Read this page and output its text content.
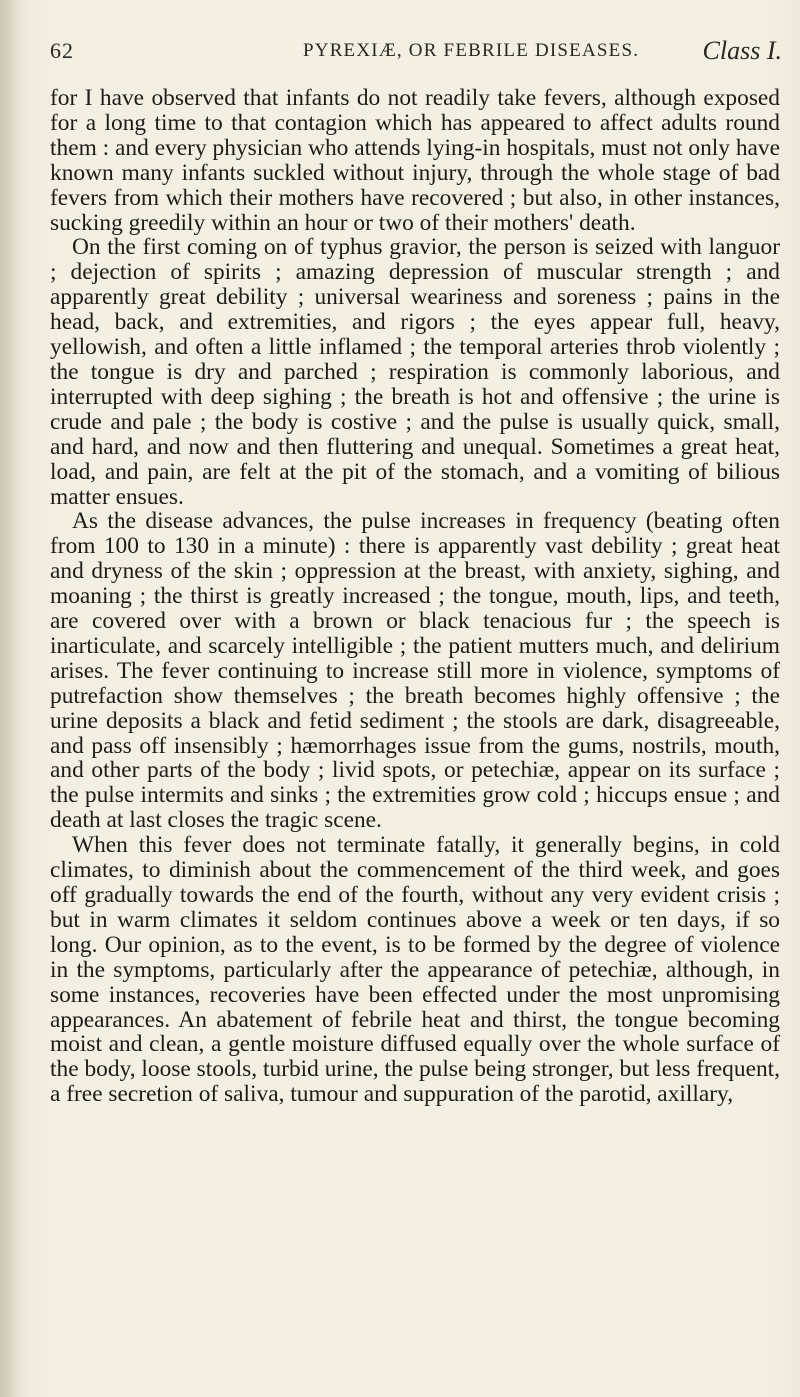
62	PYREXIÆ, OR FEBRILE DISEASES. Class I.

for I have observed that infants do not readily take fevers, although exposed for a long time to that contagion which has appeared to affect adults round them : and every physician who attends lying-in hospitals, must not only have known many infants suckled without injury, through the whole stage of bad fevers from which their mothers have recovered ; but also, in other instances, sucking greedily within an hour or two of their mothers' death.

On the first coming on of typhus gravior, the person is seized with languor ; dejection of spirits ; amazing depression of muscular strength ; and apparently great debility ; universal weariness and soreness ; pains in the head, back, and extremities, and rigors ; the eyes appear full, heavy, yellowish, and often a little inflamed ; the temporal arteries throb violently ; the tongue is dry and parched ; respiration is commonly laborious, and interrupted with deep sighing ; the breath is hot and offensive ; the urine is crude and pale ; the body is costive ; and the pulse is usually quick, small, and hard, and now and then fluttering and unequal. Sometimes a great heat, load, and pain, are felt at the pit of the stomach, and a vomiting of bilious matter ensues.

As the disease advances, the pulse increases in frequency (beating often from 100 to 130 in a minute) : there is apparently vast debility ; great heat and dryness of the skin ; oppression at the breast, with anxiety, sighing, and moaning ; the thirst is greatly increased ; the tongue, mouth, lips, and teeth, are covered over with a brown or black tenacious fur ; the speech is inarticulate, and scarcely intelligible ; the patient mutters much, and delirium arises. The fever continuing to increase still more in violence, symptoms of putrefaction show themselves ; the breath becomes highly offensive ; the urine deposits a black and fetid sediment ; the stools are dark, disagreeable, and pass off insensibly ; hæmorrhages issue from the gums, nostrils, mouth, and other parts of the body ; livid spots, or petechiæ, appear on its surface ; the pulse intermits and sinks ; the extremities grow cold ; hiccups ensue ; and death at last closes the tragic scene.

When this fever does not terminate fatally, it generally begins, in cold climates, to diminish about the commencement of the third week, and goes off gradually towards the end of the fourth, without any very evident crisis ; but in warm climates it seldom continues above a week or ten days, if so long. Our opinion, as to the event, is to be formed by the degree of violence in the symptoms, particularly after the appearance of petechiæ, although, in some instances, recoveries have been effected under the most unpromising appearances. An abatement of febrile heat and thirst, the tongue becoming moist and clean, a gentle moisture diffused equally over the whole surface of the body, loose stools, turbid urine, the pulse being stronger, but less frequent, a free secretion of saliva, tumour and suppuration of the parotid, axillary,
